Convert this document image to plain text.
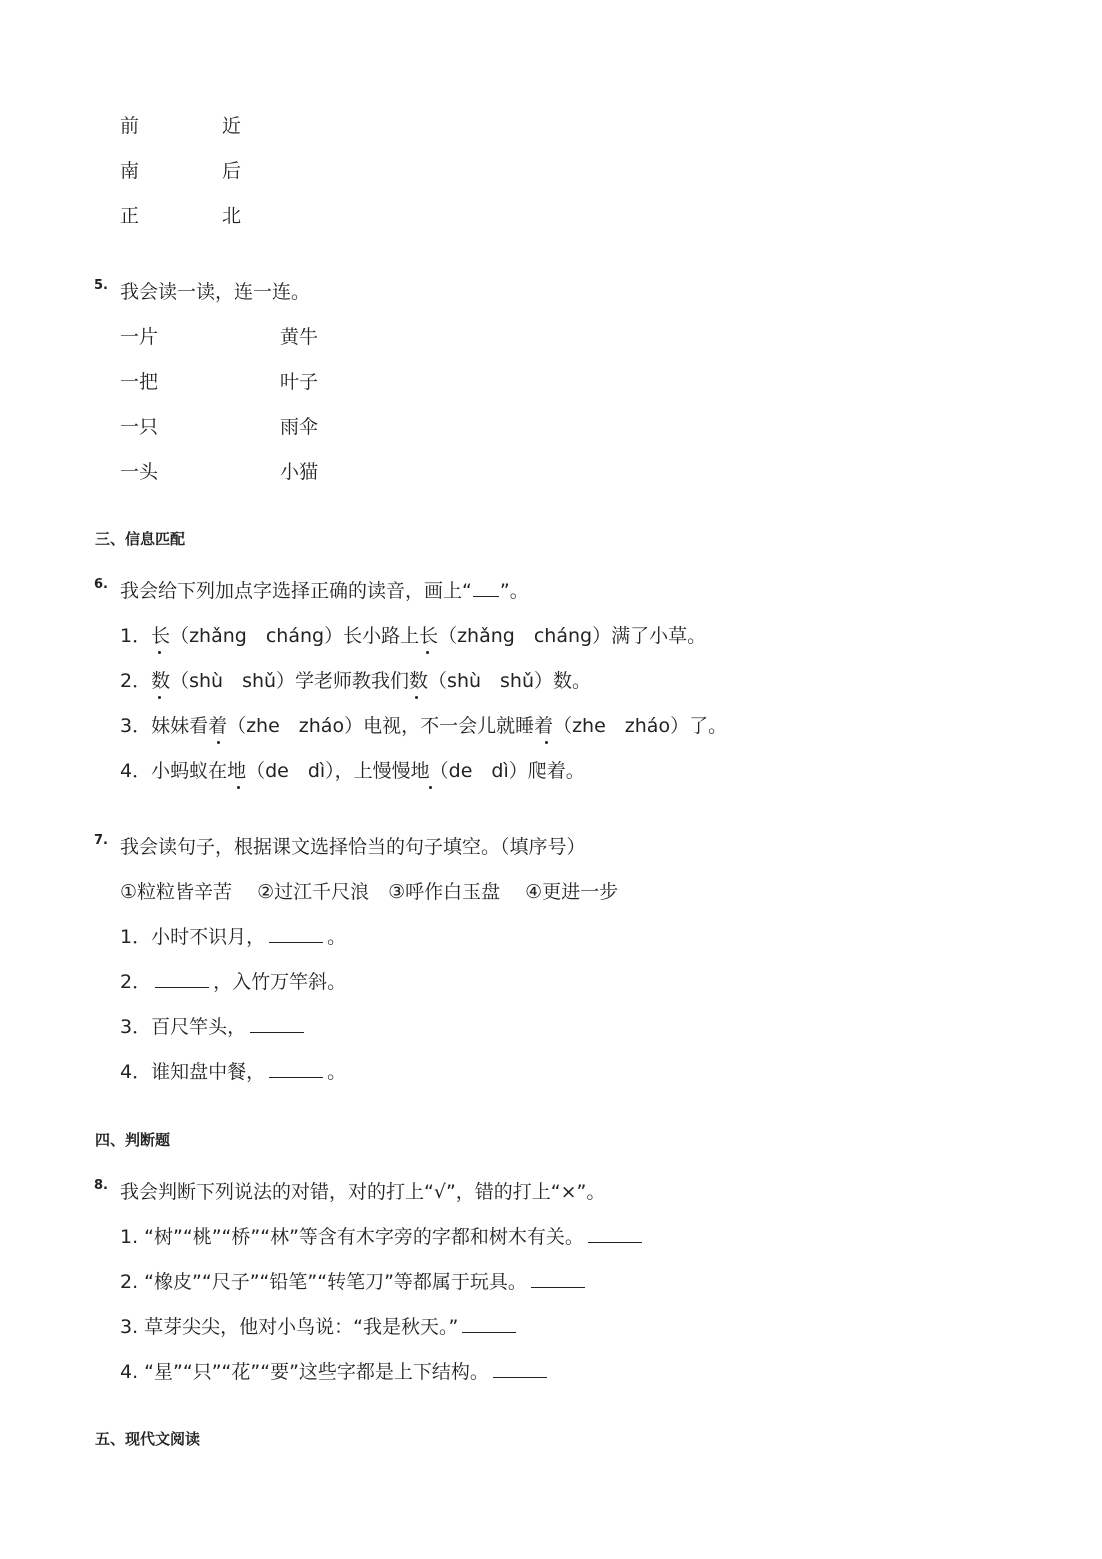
前	近
南	后
正	北
5. 我会读一读，连一连。
一片	黄牛
一把	叶子
一只	雨伞
一头	小猫
三、信息匹配
6. 我会给下列加点字选择正确的读音，画上“ ”。
1．长（zhǎng　cháng）长小路上长（zhǎng　cháng）满了小草。
2．数（shù　shǔ）学老师教我们数（shù　shǔ）数。
3．妹妹看着（zhe　zháo）电视，不一会儿就睡着（zhe　zháo）了。
4．小蚂蚁在地（de　dì），上慢慢地（de　dì）爬着。
7. 我会读句子，根据课文选择恰当的句子填空。（填序号）
①粒粒皆辛苦　 ②过江千尺浪　③呼作白玉盘　 ④更进一步
1．小时不识月，	。
2．	，入竹万竿斜。
3．百尺竿头，
4．谁知盘中餐，	。
四、判断题
8. 我会判断下列说法的对错，对的打上“√”，错的打上“×”。
1. “树”“桃”“桥”“林”等含有木字旁的字都和树木有关。
2. “橡皮”“尺子”“铅笔”“转笔刀”等都属于玩具。
3. 草芽尖尖，他对小鸟说：“我是秋天。”
4. “星”“只”“花”“要”这些字都是上下结构。
五、现代文阅读
